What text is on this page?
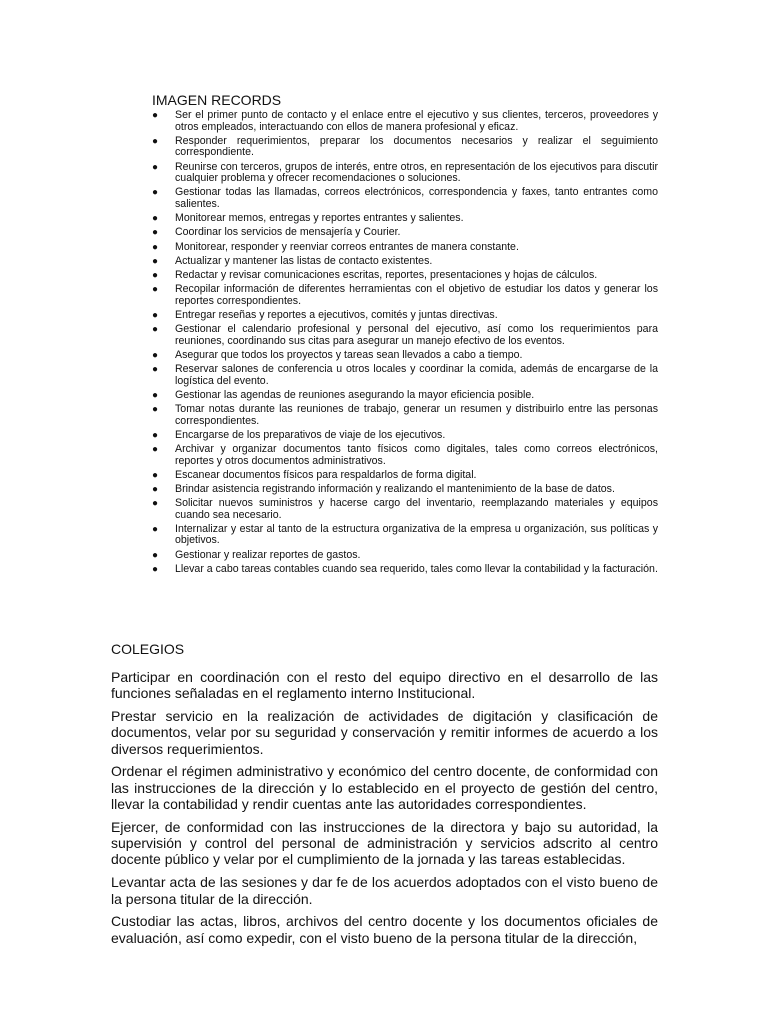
IMAGEN RECORDS
● Ser el primer punto de contacto y el enlace entre el ejecutivo y sus clientes, terceros, proveedores y otros empleados, interactuando con ellos de manera profesional y eficaz.
● Responder requerimientos, preparar los documentos necesarios y realizar el seguimiento correspondiente.
● Reunirse con terceros, grupos de interés, entre otros, en representación de los ejecutivos para discutir cualquier problema y ofrecer recomendaciones o soluciones.
● Gestionar todas las llamadas, correos electrónicos, correspondencia y faxes, tanto entrantes como salientes.
● Monitorear memos, entregas y reportes entrantes y salientes.
● Coordinar los servicios de mensajería y Courier.
● Monitorear, responder y reenviar correos entrantes de manera constante.
● Actualizar y mantener las listas de contacto existentes.
● Redactar y revisar comunicaciones escritas, reportes, presentaciones y hojas de cálculos.
● Recopilar información de diferentes herramientas con el objetivo de estudiar los datos y generar los reportes correspondientes.
● Entregar reseñas y reportes a ejecutivos, comités y juntas directivas.
● Gestionar el calendario profesional y personal del ejecutivo, así como los requerimientos para reuniones, coordinando sus citas para asegurar un manejo efectivo de los eventos.
● Asegurar que todos los proyectos y tareas sean llevados a cabo a tiempo.
● Reservar salones de conferencia u otros locales y coordinar la comida, además de encargarse de la logística del evento.
● Gestionar las agendas de reuniones asegurando la mayor eficiencia posible.
● Tomar notas durante las reuniones de trabajo, generar un resumen y distribuirlo entre las personas correspondientes.
● Encargarse de los preparativos de viaje de los ejecutivos.
● Archivar y organizar documentos tanto físicos como digitales, tales como correos electrónicos, reportes y otros documentos administrativos.
● Escanear documentos físicos para respaldarlos de forma digital.
● Brindar asistencia registrando información y realizando el mantenimiento de la base de datos.
● Solicitar nuevos suministros y hacerse cargo del inventario, reemplazando materiales y equipos cuando sea necesario.
● Internalizar y estar al tanto de la estructura organizativa de la empresa u organización, sus políticas y objetivos.
● Gestionar y realizar reportes de gastos.
● Llevar a cabo tareas contables cuando sea requerido, tales como llevar la contabilidad y la facturación.
COLEGIOS

Participar en coordinación con el resto del equipo directivo en el desarrollo de las funciones señaladas en el reglamento interno Institucional.

Prestar servicio en la realización de actividades de digitación y clasificación de documentos, velar por su seguridad y conservación y remitir informes de acuerdo a los diversos requerimientos.

Ordenar el régimen administrativo y económico del centro docente, de conformidad con las instrucciones de la dirección y lo establecido en el proyecto de gestión del centro, llevar la contabilidad y rendir cuentas ante las autoridades correspondientes.

Ejercer, de conformidad con las instrucciones de la directora y bajo su autoridad, la supervisión y control del personal de administración y servicios adscrito al centro docente público y velar por el cumplimiento de la jornada y las tareas establecidas.

Levantar acta de las sesiones y dar fe de los acuerdos adoptados con el visto bueno de la persona titular de la dirección.

Custodiar las actas, libros, archivos del centro docente y los documentos oficiales de evaluación, así como expedir, con el visto bueno de la persona titular de la dirección,
